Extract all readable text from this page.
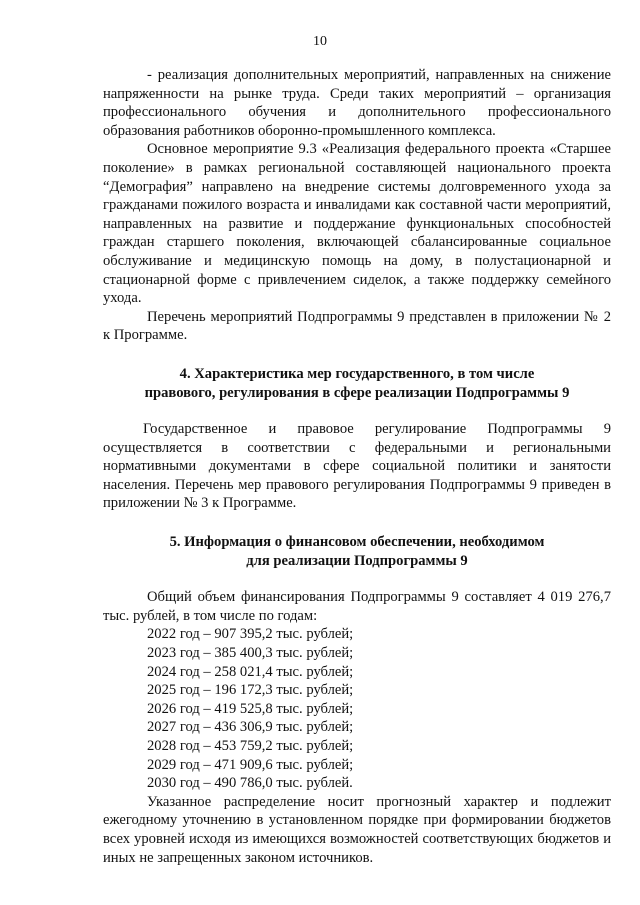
10

- реализация дополнительных мероприятий, направленных на снижение напряженности на рынке труда. Среди таких мероприятий – организация профессионального обучения и дополнительного профессионального образования работников оборонно-промышленного комплекса.

Основное мероприятие 9.3 «Реализация федерального проекта «Старшее поколение» в рамках региональной составляющей национального проекта “Демография” направлено на внедрение системы долговременного ухода за гражданами пожилого возраста и инвалидами как составной части мероприятий, направленных на развитие и поддержание функциональных способностей граждан старшего поколения, включающей сбалансированные социальное обслуживание и медицинскую помощь на дому, в полустационарной и стационарной форме с привлечением сиделок, а также поддержку семейного ухода.

Перечень мероприятий Подпрограммы 9 представлен в приложении № 2 к Программе.

4. Характеристика мер государственного, в том числе
правового, регулирования в сфере реализации Подпрограммы 9

Государственное и правовое регулирование Подпрограммы 9 осуществляется в соответствии с федеральными и региональными нормативными документами в сфере социальной политики и занятости населения. Перечень мер правового регулирования Подпрограммы 9 приведен в приложении № 3 к Программе.

5. Информация о финансовом обеспечении, необходимом
для реализации Подпрограммы 9

Общий объем финансирования Подпрограммы 9 составляет 4 019 276,7 тыс. рублей, в том числе по годам:

2022 год – 907 395,2 тыс. рублей;
2023 год – 385 400,3 тыс. рублей;
2024 год – 258 021,4 тыс. рублей;
2025 год – 196 172,3 тыс. рублей;
2026 год – 419 525,8 тыс. рублей;
2027 год – 436 306,9 тыс. рублей;
2028 год – 453 759,2 тыс. рублей;
2029 год – 471 909,6 тыс. рублей;
2030 год – 490 786,0 тыс. рублей.

Указанное распределение носит прогнозный характер и подлежит ежегодному уточнению в установленном порядке при формировании бюджетов всех уровней исходя из имеющихся возможностей соответствующих бюджетов и иных не запрещенных законом источников.
